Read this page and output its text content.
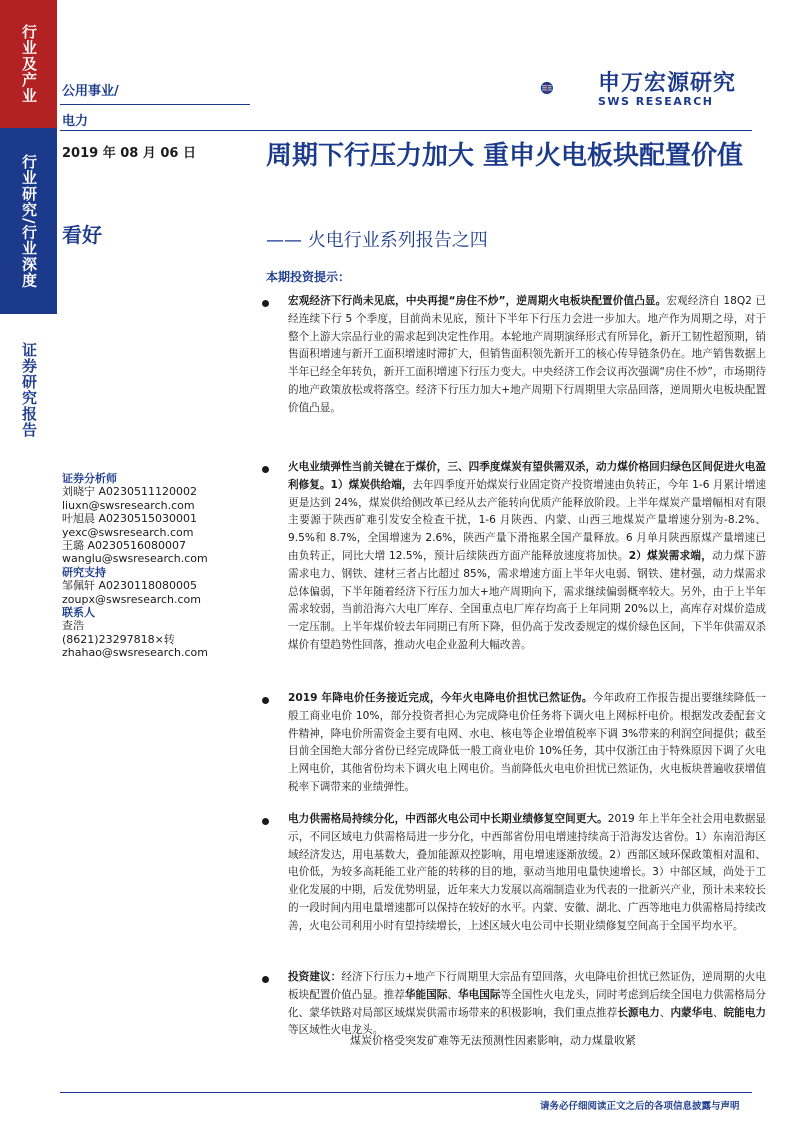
行业及产业
行业研究/行业深度
证券研究报告
公用事业/
电力
2019 年 08 月 06 日
看好
申万宏源研究
SWS RESEARCH
周期下行压力加大 重申火电板块配置价值
—— 火电行业系列报告之四
本期投资提示：
宏观经济下行尚未见底，中央再提“房住不炒”，逆周期火电板块配置价值凸显。宏观经济自 18Q2 已经连续下行 5 个季度，目前尚未见底，预计下半年下行压力会进一步加大。地产作为周期之母，对于整个上游大宗品行业的需求起到决定性作用。本轮地产周期演绎形式有所异化，新开工韧性超预期，销售面积增速与新开工面积增速时滞扩大，但销售面积领先新开工的核心传导链条仍在。地产销售数据上半年已经全年转负，新开工面积增速下行压力变大。中央经济工作会议再次强调“房住不炒”，市场期待的地产政策放松或将落空。经济下行压力加大+地产周期下行周期里大宗品回落，逆周期火电板块配置价值凸显。
火电业绩弹性当前关键在于煤价，三、四季度煤炭有望供需双杀，动力煤价格回归绿色区间促进火电盈利修复。1）煤炭供给端，去年四季度开始煤炭行业固定资产投资增速由负转正，今年 1-6 月累计增速更是达到 24%，煤炭供给侧改革已经从去产能转向优质产能释放阶段。上半年煤炭产量增幅相对有限主要源于陕西矿难引发安全检查干扰，1-6 月陕西、内蒙、山西三地煤炭产量增速分别为-8.2%、9.5%和 8.7%，全国增速为 2.6%，陕西产量下滑拖累全国产量释放。6 月单月陕西原煤产量增速已由负转正，同比大增 12.5%，预计后续陕西方面产能释放速度将加快。2）煤炭需求端，动力煤下游需求电力、钢铁、建材三者占比超过 85%，需求增速方面上半年火电弱、钢铁、建材强，动力煤需求总体偏弱，下半年随着经济下行压力加大+地产周期向下，需求继续偏弱概率较大。另外，由于上半年需求较弱，当前沿海六大电厂库存、全国重点电厂库存均高于上年同期 20%以上，高库存对煤价造成一定压制。上半年煤价较去年同期已有所下降，但仍高于发改委规定的煤价绿色区间，下半年供需双杀煤价有望趋势性回落，推动火电企业盈利大幅改善。
2019 年降电价任务接近完成，今年火电降电价担忧已然证伪。今年政府工作报告提出要继续降低一般工商业电价 10%，部分投资者担心为完成降电价任务将下调火电上网标杆电价。根据发改委配套文件精神，降电价所需资金主要有电网、水电、核电等企业增值税率下调 3%带来的利润空间提供；截至目前全国绝大部分省份已经完成降低一般工商业电价 10%任务，其中仅浙江由于特殊原因下调了火电上网电价，其他省份均未下调火电上网电价。当前降低火电电价担忧已然证伪，火电板块普遍收获增值税率下调带来的业绩弹性。
电力供需格局持续分化，中西部火电公司中长期业绩修复空间更大。2019 年上半年全社会用电数据显示，不同区域电力供需格局进一步分化，中西部省份用电增速持续高于沿海发达省份。1）东南沿海区域经济发达，用电基数大，叠加能源双控影响，用电增速逐渐放缓。2）西部区域环保政策相对温和、电价低，为较多高耗能工业产能的转移的目的地，驱动当地用电量快速增长。3）中部区域，尚处于工业化发展的中期，后发优势明显，近年来大力发展以高端制造业为代表的一批新兴产业，预计未来较长的一段时间内用电量增速都可以保持在较好的水平。内蒙、安徽、湖北、广西等地电力供需格局持续改善，火电公司利用小时有望持续增长，上述区域火电公司中长期业绩修复空间高于全国平均水平。
投资建议：经济下行压力+地产下行周期里大宗品有望回落，火电降电价担忧已然证伪，逆周期的火电板块配置价值凸显。推荐华能国际、华电国际等全国性火电龙头，同时考虑到后续全国电力供需格局分化、蒙华铁路对局部区域煤炭供需市场带来的积极影响，我们重点推荐长源电力、内蒙华电、皖能电力等区域性火电龙头。
证券分析师
刘晓宁 A0230511120002
liuxn@swsresearch.com
叶旭晨 A0230515030001
yexc@swsresearch.com
王璐 A0230516080007
wanglu@swsresearch.com
研究支持
邹佩轩 A0230118080005
zoupx@swsresearch.com
联系人
查浩
(8621)23297818×转
zhahao@swsresearch.com
煤炭价格受突发矿难等无法预测性因素影响，动力煤量收紧
请务必仔细阅读正文之后的各项信息披露与声明
